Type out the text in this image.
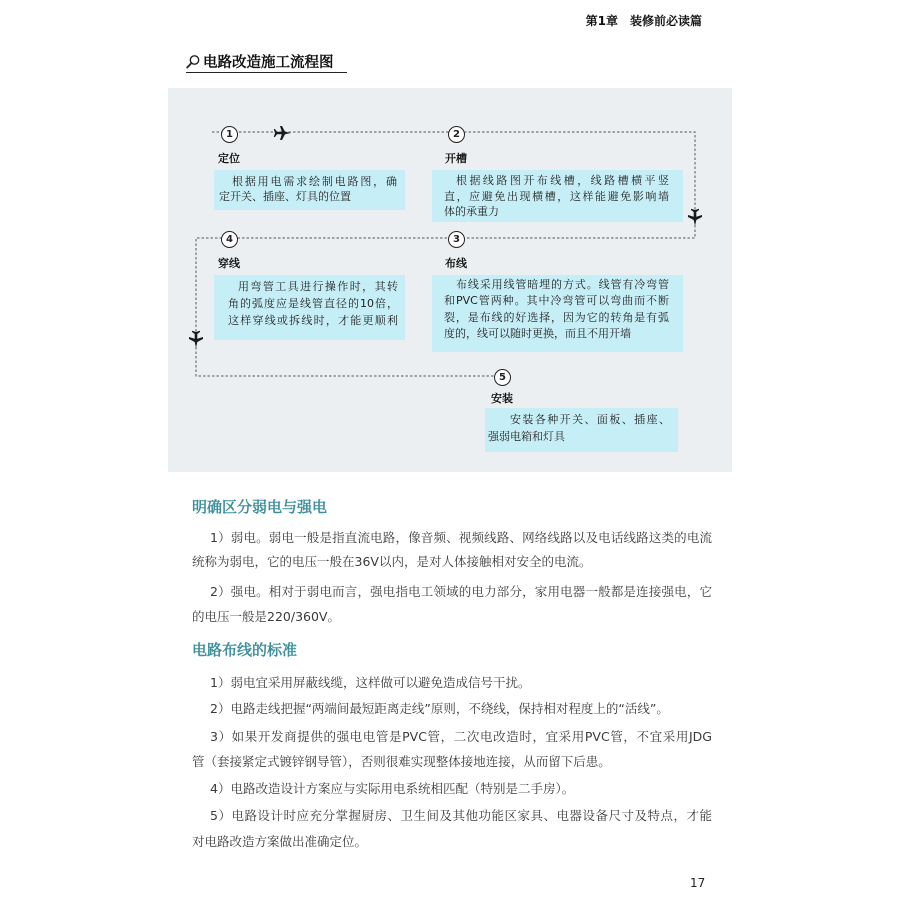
第1章　装修前必读篇
电路改造施工流程图
1
定位
根据用电需求绘制电路图，确
定开关、插座、灯具的位置
2
开槽
根据线路图开布线槽，线路槽横平竖
直，应避免出现横槽，这样能避免影响墙
体的承重力
4
穿线
用弯管工具进行操作时，其转
角的弧度应是线管直径的10倍，
这样穿线或拆线时，才能更顺利
3
布线
布线采用线管暗埋的方式。线管有冷弯管
和PVC管两种。其中冷弯管可以弯曲而不断
裂，是布线的好选择，因为它的转角是有弧
度的，线可以随时更换，而且不用开墙
5
安装
安装各种开关、面板、插座、
强弱电箱和灯具
明确区分弱电与强电
1）弱电。弱电一般是指直流电路，像音频、视频线路、网络线路以及电话线路这类的电流
统称为弱电，它的电压一般在36V以内，是对人体接触相对安全的电流。
2）强电。相对于弱电而言，强电指电工领域的电力部分，家用电器一般都是连接强电，它
的电压一般是220/360V。
电路布线的标准
1）弱电宜采用屏蔽线缆，这样做可以避免造成信号干扰。
2）电路走线把握“两端间最短距离走线”原则，不绕线，保持相对程度上的“活线”。
3）如果开发商提供的强电电管是PVC管，二次电改造时，宜采用PVC管，不宜采用JDG
管（套接紧定式镀锌钢导管），否则很难实现整体接地连接，从而留下后患。
4）电路改造设计方案应与实际用电系统相匹配（特别是二手房）。
5）电路设计时应充分掌握厨房、卫生间及其他功能区家具、电器设备尺寸及特点，才能
对电路改造方案做出准确定位。
17
